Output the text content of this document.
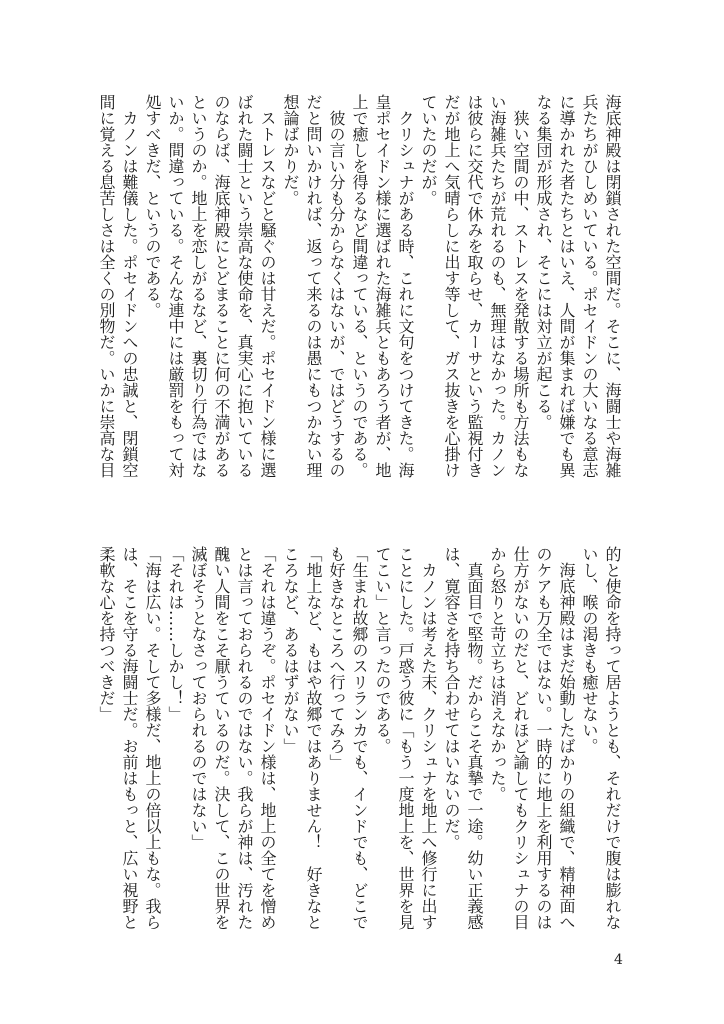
海底神殿は閉鎖された空間だ。そこに、海闘士や海雑兵たちがひしめいている。ポセイドンの大いなる意志に導かれた者たちとはいえ、人間が集まれば嫌でも異なる集団が形成され、そこには対立が起こる。

　狭い空間の中、ストレスを発散する場所も方法もない海雑兵たちが荒れるのも、無理はなかった。カノンは彼らに交代で休みを取らせ、カーサという監視付きだが地上へ気晴らしに出す等して、ガス抜きを心掛けていたのだが。

　クリシュナがある時、これに文句をつけてきた。海皇ポセイドン様に選ばれた海雑兵ともあろう者が、地上で癒しを得るなど間違っている、というのである。

　彼の言い分も分からなくはないが、ではどうするのだと問いかければ、返って来るのは愚にもつかない理想論ばかりだ。

　ストレスなどと騒ぐのは甘えだ。ポセイドン様に選ばれた闘士という崇高な使命を、真実心に抱いているのならば、海底神殿にとどまることに何の不満があるというのか。地上を恋しがるなど、裏切り行為ではないか。間違っている。そんな連中には厳罰をもって対処すべきだ、というのである。

　カノンは難儀した。ポセイドンへの忠誠と、閉鎖空間に覚える息苦しさは全くの別物だ。いかに崇高な目

的と使命を持って居ようとも、それだけで腹は膨れないし、喉の渇きも癒せない。

　海底神殿はまだ始動したばかりの組織で、精神面へのケアも万全ではない。一時的に地上を利用するのは仕方がないのだと、どれほど諭してもクリシュナの目から怒りと苛立ちは消えなかった。

　真面目で堅物。だからこそ真摯で一途。幼い正義感は、寛容さを持ち合わせてはいないのだ。

　カノンは考えた末、クリシュナを地上へ修行に出すことにした。戸惑う彼に「もう一度地上を、世界を見てこい」と言ったのである。

「生まれ故郷のスリランカでも、インドでも、どこでも好きなところへ行ってみろ」

「地上など、もはや故郷ではありません！　好きなところなど、あるはずがない」

「それは違うぞ。ポセイドン様は、地上の全てを憎めとは言っておられるのではない。我らが神は、汚れた醜い人間をこそ厭うているのだ。決して、この世界を滅ぼそうとなさっておられるのではない」

「それは……しかし！」

「海は広い。そして多様だ、地上の倍以上もな。我らは、そこを守る海闘士だ。お前はもっと、広い視野と柔軟な心を持つべきだ」

4
